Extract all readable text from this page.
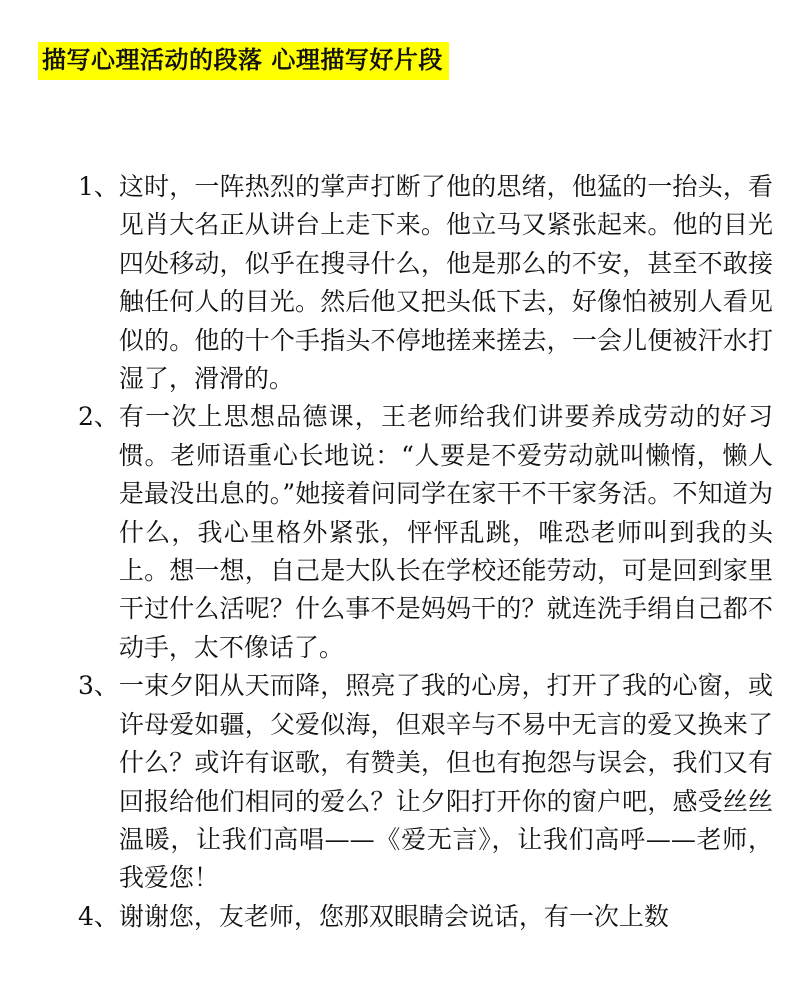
描写心理活动的段落 心理描写好片段
1、 这时，一阵热烈的掌声打断了他的思绪，他猛的一抬头，看见肖大名正从讲台上走下来。他立马又紧张起来。他的目光四处移动，似乎在搜寻什么，他是那么的不安，甚至不敢接触任何人的目光。然后他又把头低下去，好像怕被别人看见似的。他的十个手指头不停地搓来搓去，一会儿便被汗水打湿了，滑滑的。

2、 有一次上思想品德课，王老师给我们讲要养成劳动的好习惯。老师语重心长地说：“人要是不爱劳动就叫懒惰，懒人是最没出息的。”她接着问同学在家干不干家务活。不知道为什么，我心里格外紧张，怦怦乱跳，唯恐老师叫到我的头上。想一想，自己是大队长在学校还能劳动，可是回到家里干过什么活呢？什么事不是妈妈干的？就连洗手绢自己都不动手，太不像话了。

3、 一束夕阳从天而降，照亮了我的心房，打开了我的心窗，或许母爱如疆，父爱似海，但艰辛与不易中无言的爱又换来了什么？或许有讴歌，有赞美，但也有抱怨与误会，我们又有回报给他们相同的爱么？让夕阳打开你的窗户吧，感受丝丝温暖，让我们高唱——《爱无言》，让我们高呼——老师，我爱您！

4、 谢谢您，友老师，您那双眼睛会说话，有一次上数
